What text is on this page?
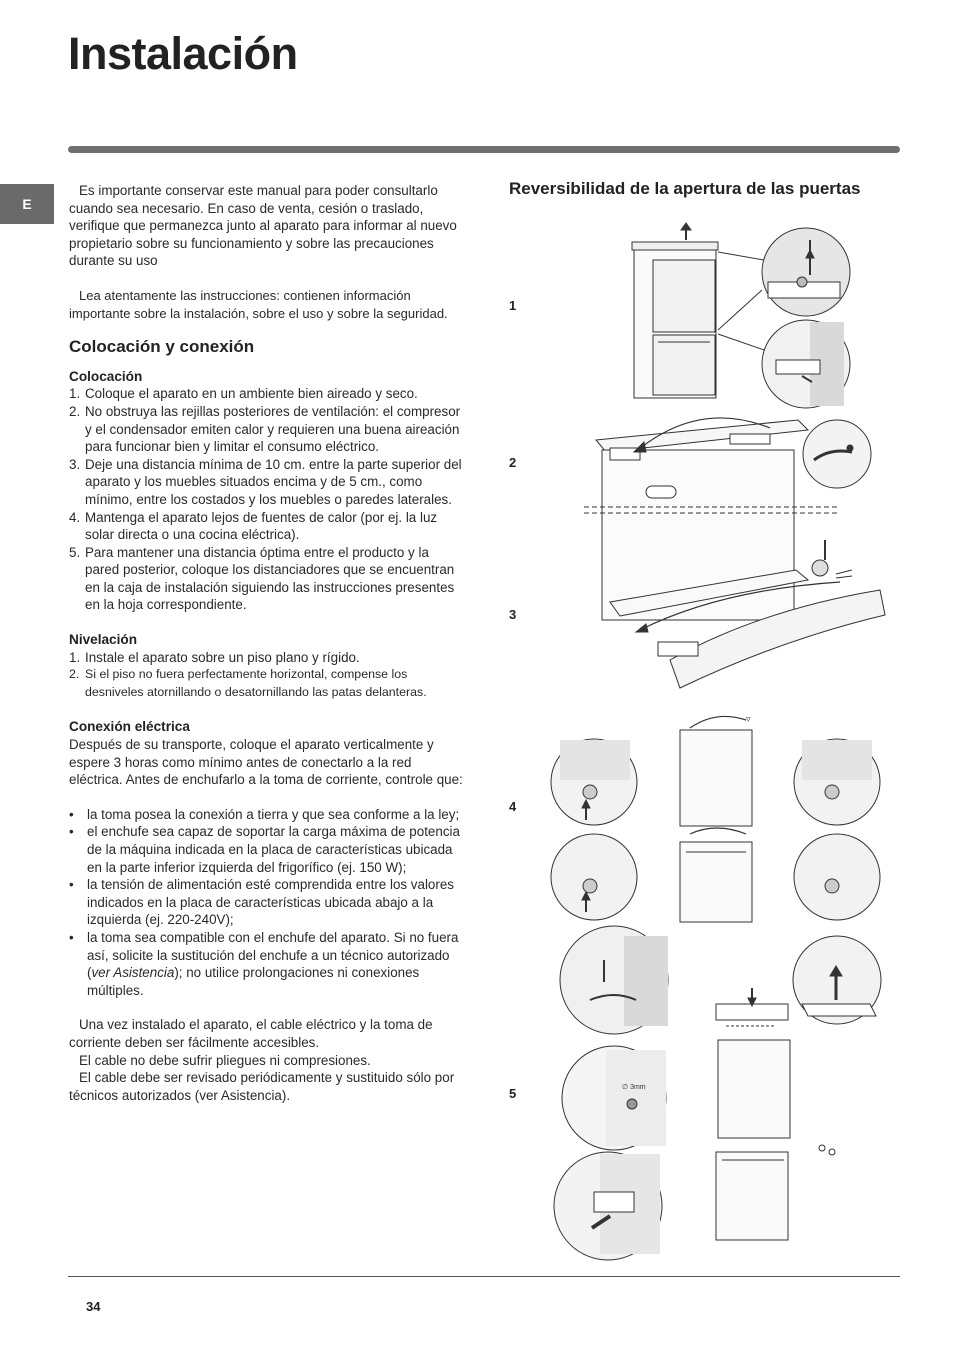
Instalación
E

Es importante conservar este manual para poder consultarlo cuando sea necesario. En caso de venta, cesión o traslado, verifique que permanezca junto al aparato para informar al nuevo propietario sobre su funcionamiento y sobre las precauciones durante su uso

Lea atentamente las instrucciones: contienen información importante sobre la instalación, sobre el uso y sobre la seguridad.

Colocación y conexión
Colocación
1. Coloque el aparato en un ambiente bien aireado y seco.
2. No obstruya las rejillas posteriores de ventilación: el compresor y el condensador emiten calor y requieren una buena aireación para funcionar bien y limitar el consumo eléctrico.
3. Deje una distancia mínima de 10 cm. entre la parte superior del aparato y los muebles situados encima y de 5 cm., como mínimo, entre los costados y los muebles o paredes laterales.
4. Mantenga el aparato lejos de fuentes de calor (por ej. la luz solar directa o una cocina eléctrica).
5. Para mantener una distancia óptima entre el producto y la pared posterior, coloque los distanciadores que se encuentran en la caja de instalación siguiendo las instrucciones presentes en la hoja correspondiente.
Nivelación
1. Instale el aparato sobre un piso plano y rígido.
2. Si el piso no fuera perfectamente horizontal, compense los desniveles atornillando o desatornillando las patas delanteras.
Conexión eléctrica

Después de su transporte, coloque el aparato verticalmente y espere 3 horas como mínimo antes de conectarlo a la red eléctrica. Antes de enchufarlo a la toma de corriente, controle que:

• la toma posea la conexión a tierra y que sea conforme a la ley;
• el enchufe sea capaz de soportar la carga máxima de potencia de la máquina indicada en la placa de características ubicada en la parte inferior izquierda del frigorífico (ej. 150 W);
• la tensión de alimentación esté comprendida entre los valores indicados en la placa de características ubicada abajo a la izquierda (ej. 220-240V);
• la toma sea compatible con el enchufe del aparato. Si no fuera así, solicite la sustitución del enchufe a un técnico autorizado (ver Asistencia); no utilice prolongaciones ni conexiones múltiples.

Una vez instalado el aparato, el cable eléctrico y la toma de corriente deben ser fácilmente accesibles.

El cable no debe sufrir pliegues ni compresiones.

El cable debe ser revisado periódicamente y sustituido sólo por técnicos autorizados (ver Asistencia).

Reversibilidad de la apertura de las puertas
1
2
3
4
5
▿
∅ 3mm
34
